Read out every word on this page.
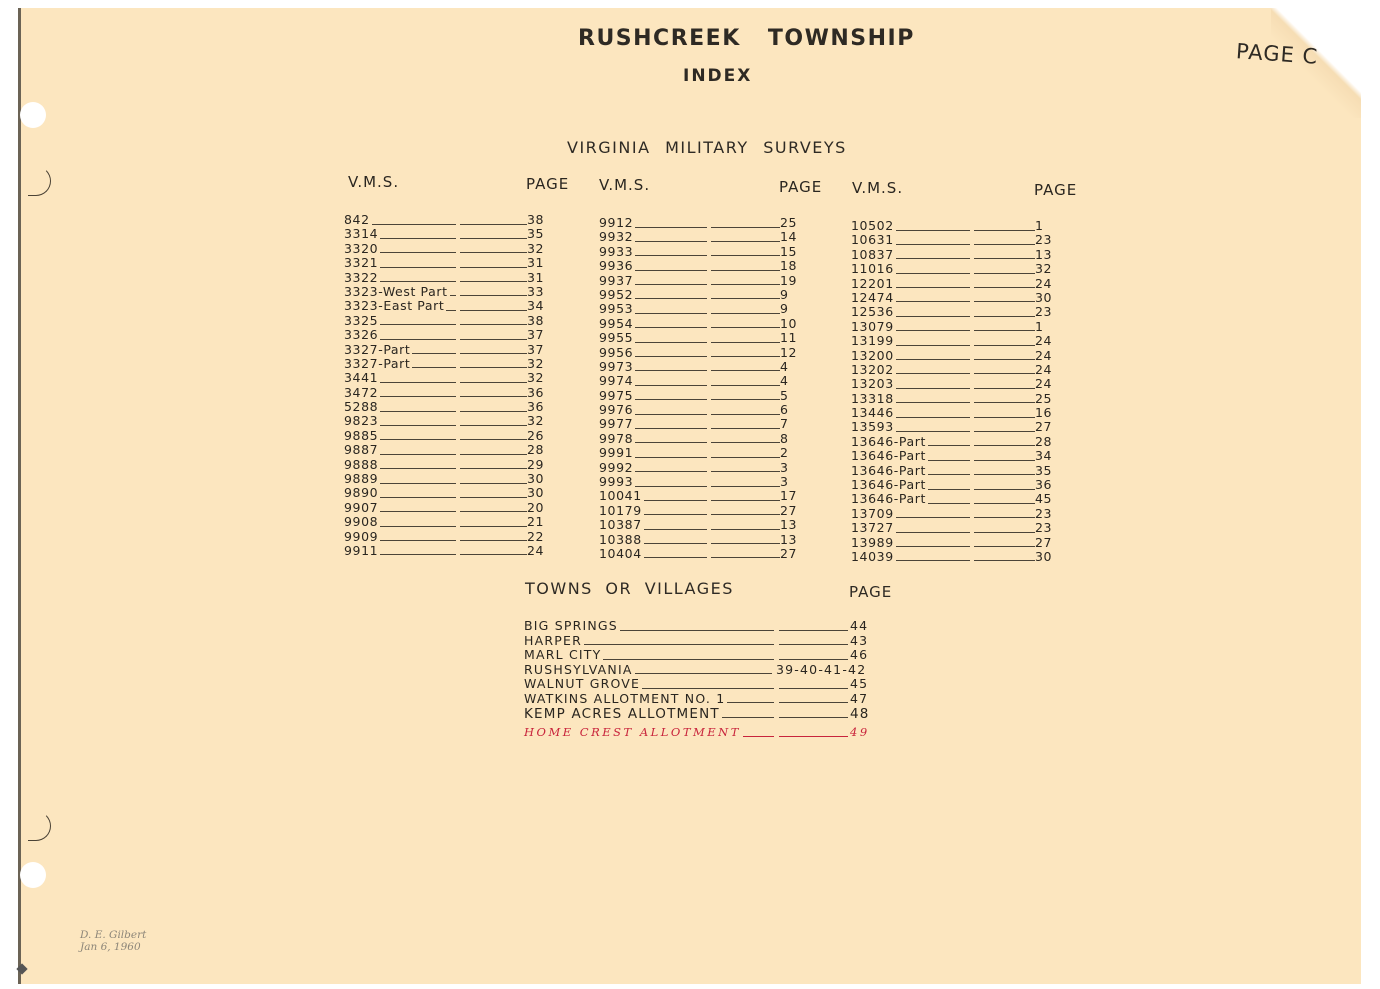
RUSHCREEK TOWNSHIP
INDEX
PAGE C
VIRGINIA MILITARY SURVEYS
V.M.S.	PAGE V.M.S.	PAGE V.M.S.	PAGE
842	38
3314	35
3320	32
3321	31
3322	31
3323-West Part	33
3323-East Part	34
3325	38
3326	37
3327-Part	37
3327-Part	32
3441	32
3472	36
5288	36
9823	32
9885	26
9887	28
9888	29
9889	30
9890	30
9907	20
9908	21
9909	22
9911	24
9912	25
9932	14
9933	15
9936	18
9937	19
9952	9
9953	9
9954	10
9955	11
9956	12
9973	4
9974	4
9975	5
9976	6
9977	7
9978	8
9991	2
9992	3
9993	3
10041	17
10179	27
10387	13
10388	13
10404	27
10502	1
10631	23
10837	13
11016	32
12201	24
12474	30
12536	23
13079	1
13199	24
13200	24
13202	24
13203	24
13318	25
13446	16
13593	27
13646-Part	28
13646-Part	34
13646-Part	35
13646-Part	36
13646-Part	45
13709	23
13727	23
13989	27
14039	30
TOWNS OR VILLAGES	PAGE
BIG SPRINGS	44
HARPER	43
MARL CITY	46
RUSHSYLVANIA	39-40-41-42
WALNUT GROVE	45
WATKINS ALLOTMENT NO. 1	47
KEMP ACRES ALLOTMENT	48
HOME CREST ALLOTMENT	49
D. E. Gilbert
Jan 6, 1960
